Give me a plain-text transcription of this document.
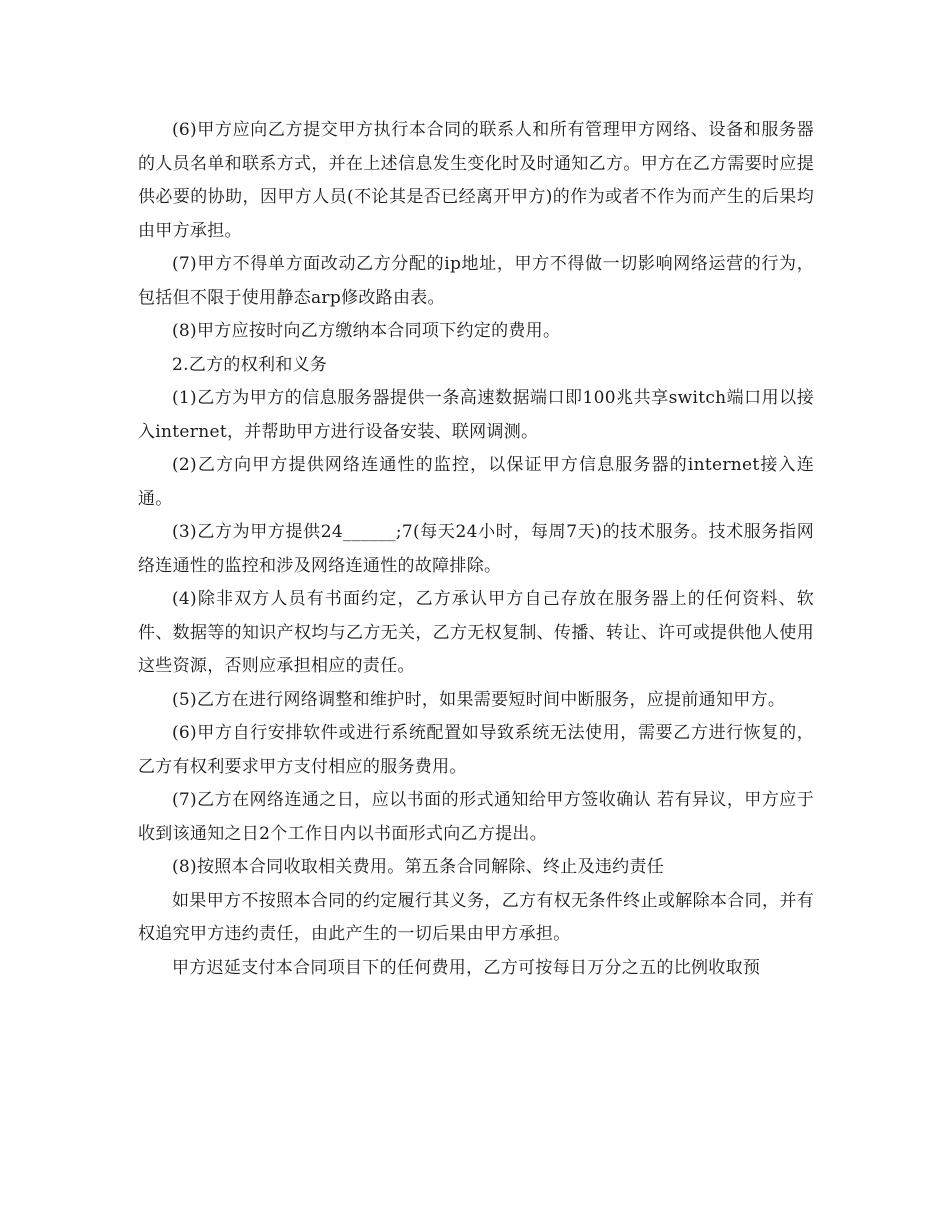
(6)甲方应向乙方提交甲方执行本合同的联系人和所有管理甲方网络、设备和服务器的人员名单和联系方式，并在上述信息发生变化时及时通知乙方。甲方在乙方需要时应提供必要的协助，因甲方人员(不论其是否已经离开甲方)的作为或者不作为而产生的后果均由甲方承担。

(7)甲方不得单方面改动乙方分配的ip地址，甲方不得做一切影响网络运营的行为，包括但不限于使用静态arp修改路由表。

(8)甲方应按时向乙方缴纳本合同项下约定的费用。

2.乙方的权利和义务

(1)乙方为甲方的信息服务器提供一条高速数据端口即100兆共享switch端口用以接入internet，并帮助甲方进行设备安装、联网调测。

(2)乙方向甲方提供网络连通性的监控，以保证甲方信息服务器的internet接入连通。

(3)乙方为甲方提供24______;7(每天24小时，每周7天)的技术服务。技术服务指网络连通性的监控和涉及网络连通性的故障排除。

(4)除非双方人员有书面约定，乙方承认甲方自己存放在服务器上的任何资料、软件、数据等的知识产权均与乙方无关，乙方无权复制、传播、转让、许可或提供他人使用这些资源，否则应承担相应的责任。

(5)乙方在进行网络调整和维护时，如果需要短时间中断服务，应提前通知甲方。

(6)甲方自行安排软件或进行系统配置如导致系统无法使用，需要乙方进行恢复的，乙方有权利要求甲方支付相应的服务费用。

(7)乙方在网络连通之日，应以书面的形式通知给甲方签收确认 若有异议，甲方应于收到该通知之日2个工作日内以书面形式向乙方提出。

(8)按照本合同收取相关费用。第五条合同解除、终止及违约责任

如果甲方不按照本合同的约定履行其义务，乙方有权无条件终止或解除本合同，并有权追究甲方违约责任，由此产生的一切后果由甲方承担。

甲方迟延支付本合同项目下的任何费用，乙方可按每日万分之五的比例收取预
